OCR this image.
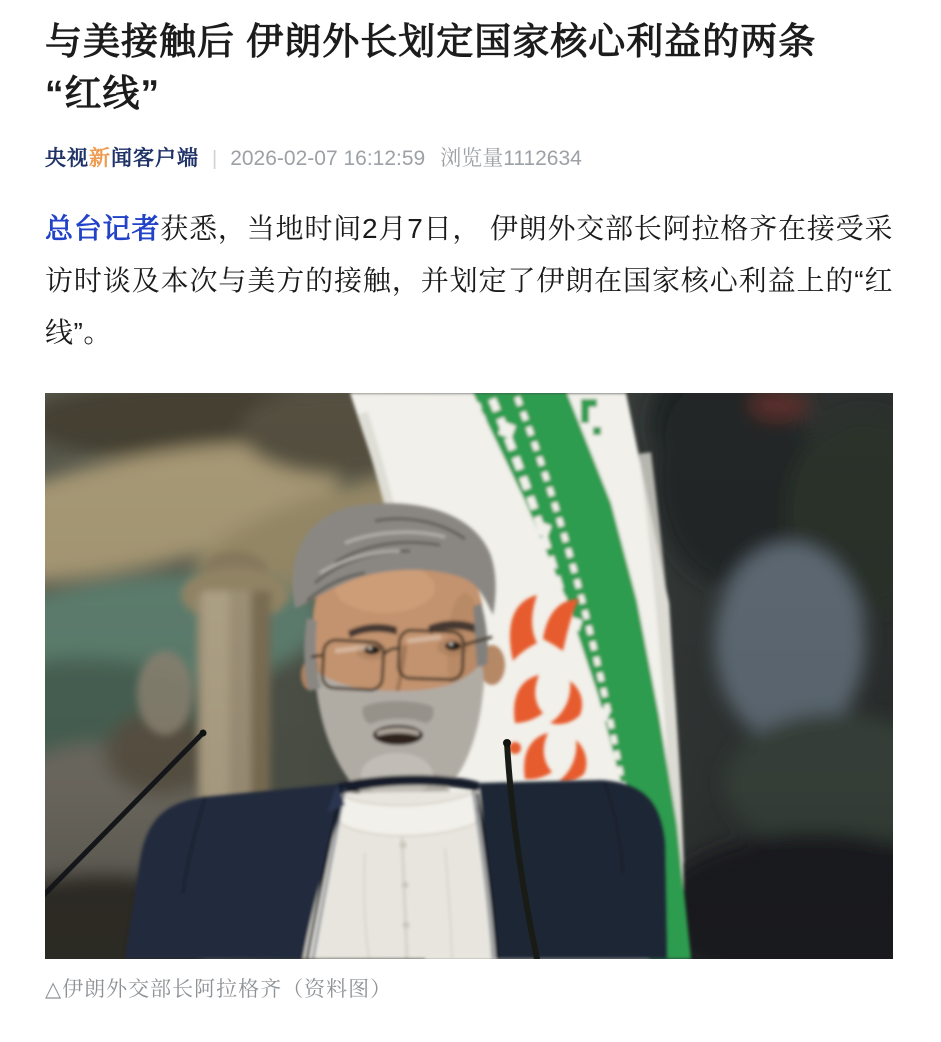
与美接触后 伊朗外长划定国家核心利益的两条
“红线”
央视新闻客户端 | 2026-02-07 16:12:59 浏览量1112634

总台记者获悉，当地时间2月7日， 伊朗外交部长阿拉格齐在接受采访时谈及本次与美方的接触，并划定了伊朗在国家核心利益上的“红线”。

△伊朗外交部长阿拉格齐（资料图）
